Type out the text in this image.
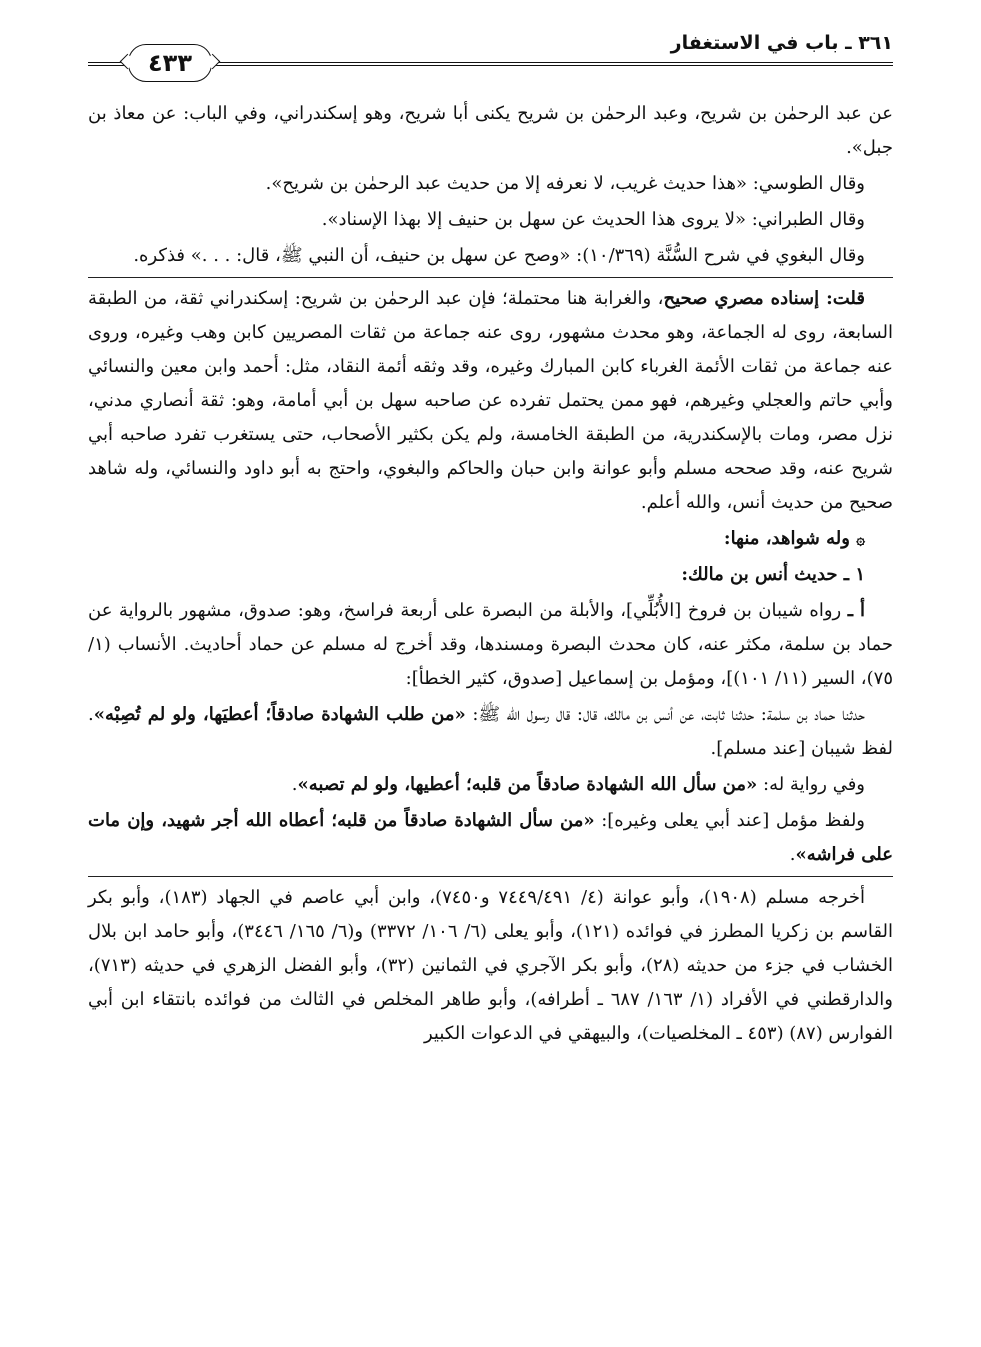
٣٦١ ـ باب في الاستغفار
٤٣٣

عن عبد الرحمٰن بن شريح، وعبد الرحمٰن بن شريح يكنى أبا شريح، وهو إسكندراني، وفي الباب: عن معاذ بن جبل».

وقال الطوسي: «هذا حديث غريب، لا نعرفه إلا من حديث عبد الرحمٰن بن شريح».

وقال الطبراني: «لا يروى هذا الحديث عن سهل بن حنيف إلا بهذا الإسناد».

وقال البغوي في شرح السُّنَّة (١٠/٣٦٩): «وصح عن سهل بن حنيف، أن النبي ﷺ، قال: . . .» فذكره.

قلت: إسناده مصري صحيح، والغرابة هنا محتملة؛ فإن عبد الرحمٰن بن شريح: إسكندراني ثقة، من الطبقة السابعة، روى له الجماعة، وهو محدث مشهور، روى عنه جماعة من ثقات المصريين كابن وهب وغيره، وروى عنه جماعة من ثقات الأئمة الغرباء كابن المبارك وغيره، وقد وثقه أئمة النقاد، مثل: أحمد وابن معين والنسائي وأبي حاتم والعجلي وغيرهم، فهو ممن يحتمل تفرده عن صاحبه سهل بن أبي أمامة، وهو: ثقة أنصاري مدني، نزل مصر، ومات بالإسكندرية، من الطبقة الخامسة، ولم يكن بكثير الأصحاب، حتى يستغرب تفرد صاحبه أبي شريح عنه، وقد صححه مسلم وأبو عوانة وابن حبان والحاكم والبغوي، واحتج به أبو داود والنسائي، وله شاهد صحيح من حديث أنس، والله أعلم.

۞ وله شواهد، منها:

١ ـ حديث أنس بن مالك:

أ ـ رواه شيبان بن فروخ [الأُبُلِّي]، والأبلة من البصرة على أربعة فراسخ، وهو: صدوق، مشهور بالرواية عن حماد بن سلمة، مكثر عنه، كان محدث البصرة ومسندها، وقد أخرج له مسلم عن حماد أحاديث. الأنساب (١/ ٧٥)، السير (١١/ ١٠١)]، ومؤمل بن إسماعيل [صدوق، كثير الخطأ]:

حدثنا حماد بن سلمة: حدثنا ثابت، عن أنس بن مالك، قال: قال رسول الله ﷺ: «من طلب الشهادة صادقاً؛ أعطيَها، ولو لم تُصِبْه». لفظ شيبان [عند مسلم].

وفي رواية له: «من سأل الله الشهادة صادقاً من قلبه؛ أعطيها، ولو لم تصبه».

ولفظ مؤمل [عند أبي يعلى وغيره]: «من سأل الشهادة صادقاً من قلبه؛ أعطاه الله أجر شهيد، وإن مات على فراشه».

أخرجه مسلم (١٩٠٨)، وأبو عوانة (٤/ ٧٤٤٩/٤٩١ و٧٤٥٠)، وابن أبي عاصم في الجهاد (١٨٣)، وأبو بكر القاسم بن زكريا المطرز في فوائده (١٢١)، وأبو يعلى (٦/ ١٠٦/ ٣٣٧٢) و(٦/ ١٦٥/ ٣٤٤٦)، وأبو حامد ابن بلال الخشاب في جزء من حديثه (٢٨)، وأبو بكر الآجري في الثمانين (٣٢)، وأبو الفضل الزهري في حديثه (٧١٣)، والدارقطني في الأفراد (١/ ١٦٣/ ٦٨٧ ـ أطرافه)، وأبو طاهر المخلص في الثالث من فوائده بانتقاء ابن أبي الفوارس (٨٧) (٤٥٣ ـ المخلصيات)، والبيهقي في الدعوات الكبير
